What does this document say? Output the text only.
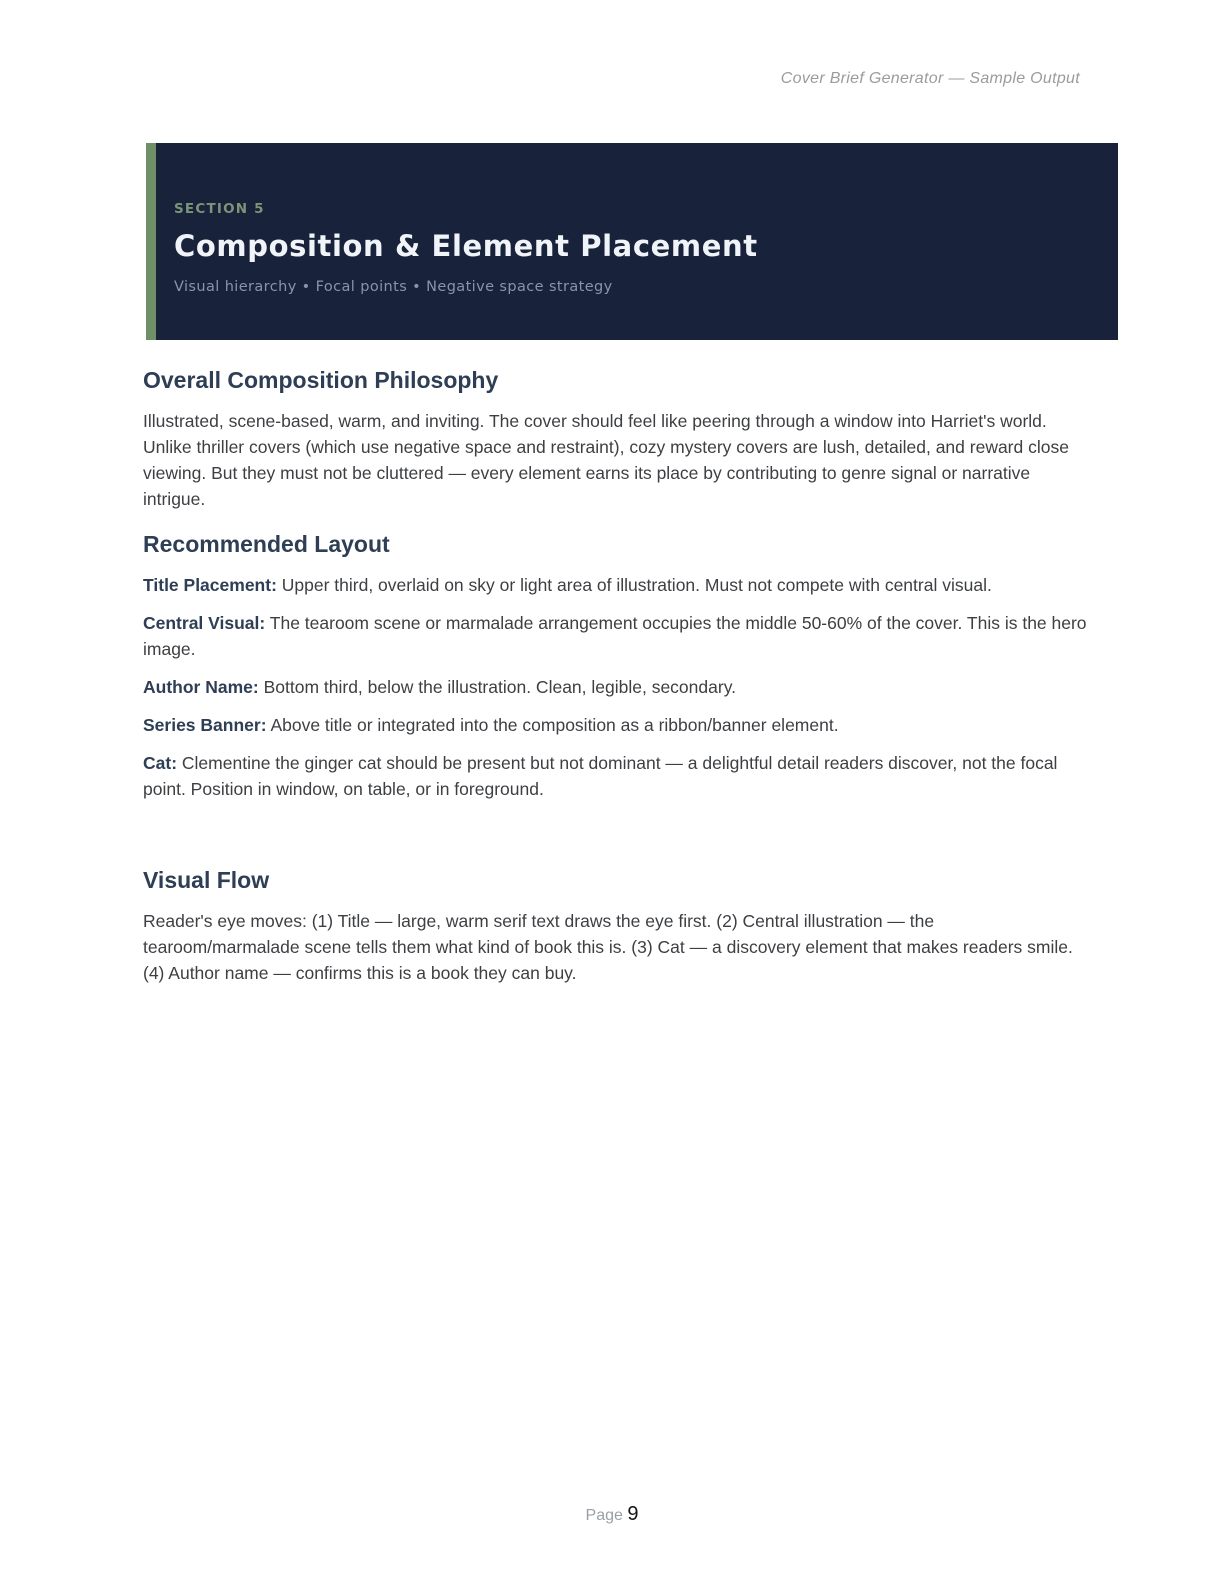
Cover Brief Generator — Sample Output
SECTION 5
Composition & Element Placement
Visual hierarchy • Focal points • Negative space strategy
Overall Composition Philosophy

Illustrated, scene-based, warm, and inviting. The cover should feel like peering through a window into Harriet's world. Unlike thriller covers (which use negative space and restraint), cozy mystery covers are lush, detailed, and reward close viewing. But they must not be cluttered — every element earns its place by contributing to genre signal or narrative intrigue.

Recommended Layout

Title Placement: Upper third, overlaid on sky or light area of illustration. Must not compete with central visual.

Central Visual: The tearoom scene or marmalade arrangement occupies the middle 50-60% of the cover. This is the hero image.

Author Name: Bottom third, below the illustration. Clean, legible, secondary.

Series Banner: Above title or integrated into the composition as a ribbon/banner element.

Cat: Clementine the ginger cat should be present but not dominant — a delightful detail readers discover, not the focal point. Position in window, on table, or in foreground.

Visual Flow

Reader's eye moves: (1) Title — large, warm serif text draws the eye first. (2) Central illustration — the tearoom/marmalade scene tells them what kind of book this is. (3) Cat — a discovery element that makes readers smile. (4) Author name — confirms this is a book they can buy.

Page 9
